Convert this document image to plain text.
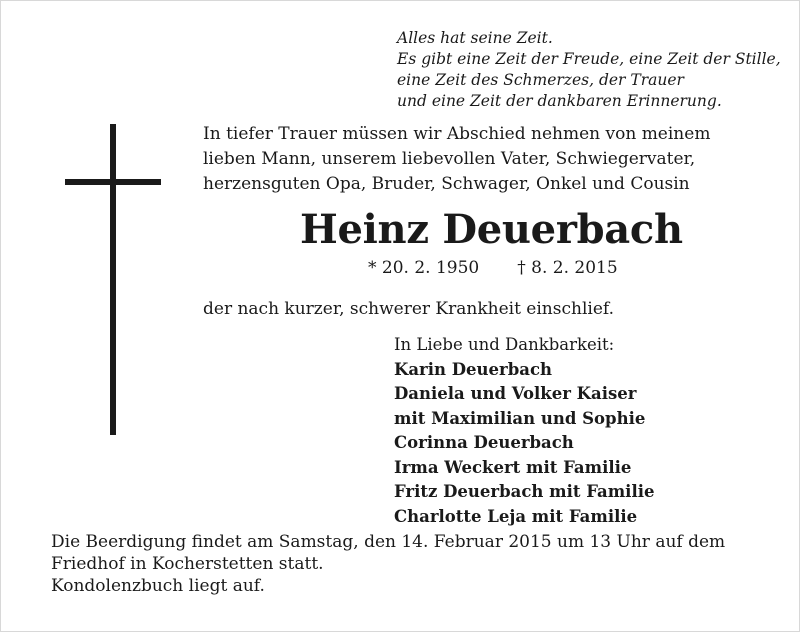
Alles hat seine Zeit.
Es gibt eine Zeit der Freude, eine Zeit der Stille,
eine Zeit des Schmerzes, der Trauer
und eine Zeit der dankbaren Erinnerung.
In tiefer Trauer müssen wir Abschied nehmen von meinem
lieben Mann, unserem liebevollen Vater, Schwiegervater,
herzensguten Opa, Bruder, Schwager, Onkel und Cousin
Heinz Deuerbach
* 20. 2. 1950 † 8. 2. 2015
der nach kurzer, schwerer Krankheit einschlief.
In Liebe und Dankbarkeit:
Karin Deuerbach
Daniela und Volker Kaiser
mit Maximilian und Sophie
Corinna Deuerbach
Irma Weckert mit Familie
Fritz Deuerbach mit Familie
Charlotte Leja mit Familie
Die Beerdigung findet am Samstag, den 14. Februar 2015 um 13 Uhr auf dem
Friedhof in Kocherstetten statt.
Kondolenzbuch liegt auf.
